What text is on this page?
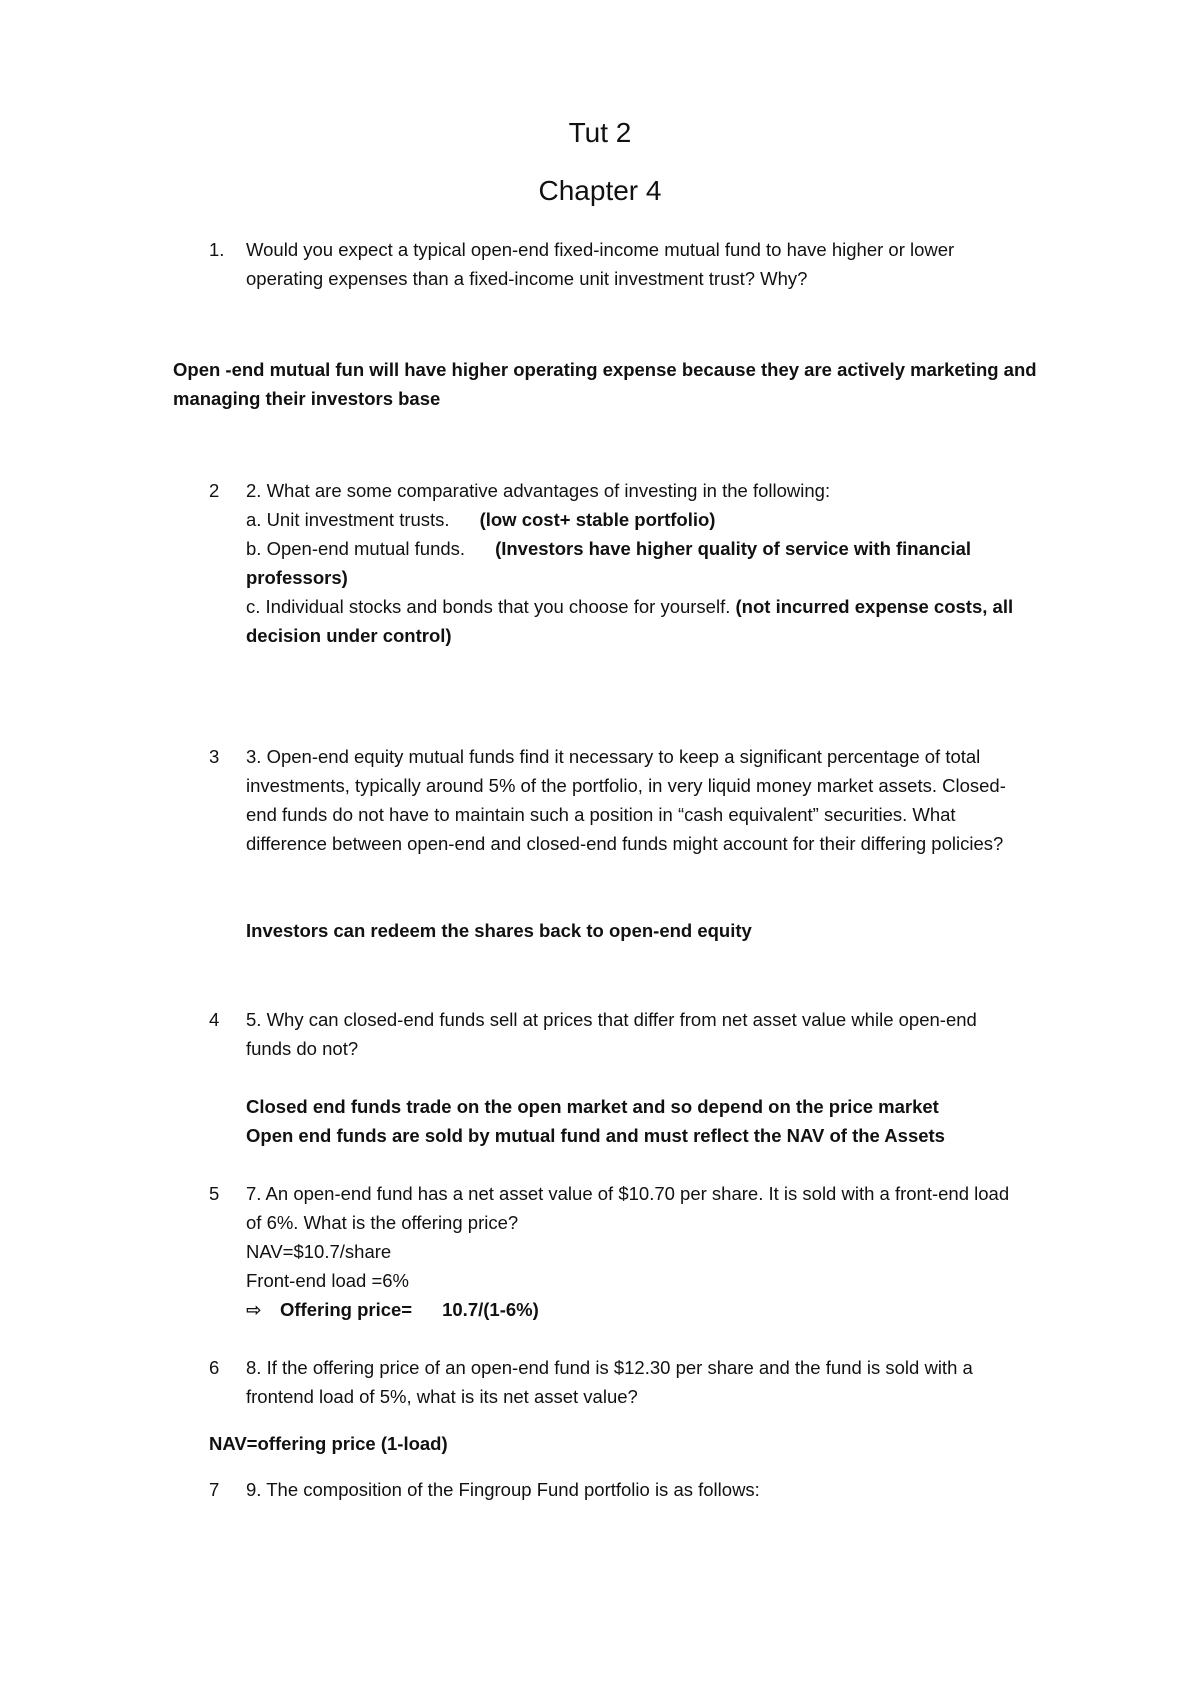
Tut 2
Chapter 4
1. Would you expect a typical open-end fixed-income mutual fund to have higher or lower
operating expenses than a fixed-income unit investment trust? Why?
Open -end mutual fun will have higher operating expense because they are actively marketing and
managing their investors base
2 2. What are some comparative advantages of investing in the following:
a. Unit investment trusts. (low cost+ stable portfolio)
b. Open-end mutual funds. (Investors have higher quality of service with financial
professors)
c. Individual stocks and bonds that you choose for yourself. (not incurred expense costs, all
decision under control)
3 3. Open-end equity mutual funds find it necessary to keep a significant percentage of total
investments, typically around 5% of the portfolio, in very liquid money market assets. Closed-
end funds do not have to maintain such a position in “cash equivalent” securities. What
difference between open-end and closed-end funds might account for their differing policies?
Investors can redeem the shares back to open-end equity
4 5. Why can closed-end funds sell at prices that differ from net asset value while open-end
funds do not?
Closed end funds trade on the open market and so depend on the price market
Open end funds are sold by mutual fund and must reflect the NAV of the Assets
5 7. An open-end fund has a net asset value of $10.70 per share. It is sold with a front-end load
of 6%. What is the offering price?
NAV=$10.7/share
Front-end load =6%
⇨ Offering price= 10.7/(1-6%)
6 8. If the offering price of an open-end fund is $12.30 per share and the fund is sold with a
frontend load of 5%, what is its net asset value?
NAV=offering price (1-load)
7 9. The composition of the Fingroup Fund portfolio is as follows:
